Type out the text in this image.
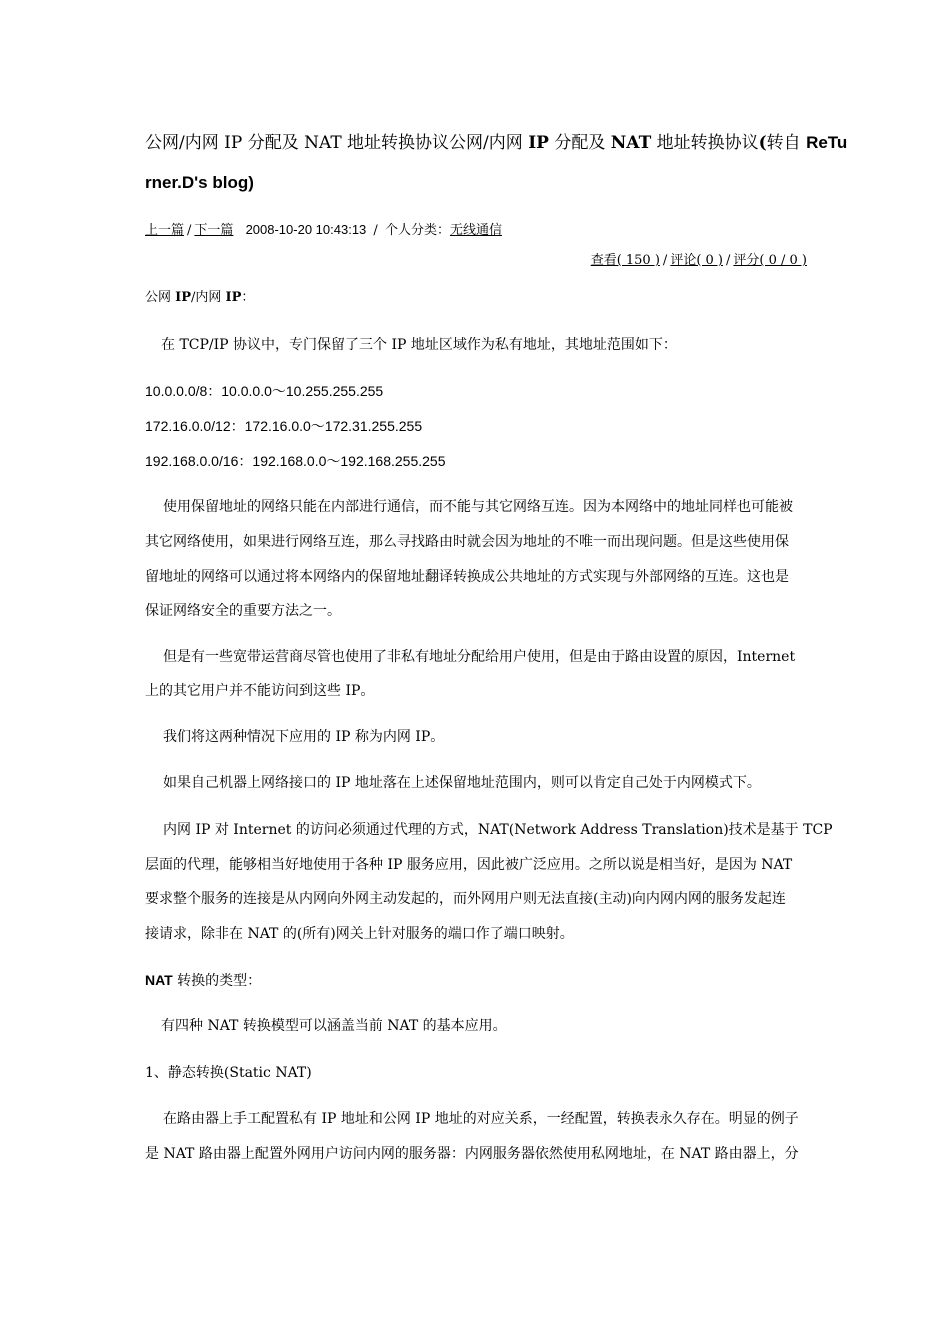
公网/内网 IP 分配及 NAT 地址转换协议公网/内网 IP 分配及 NAT 地址转换协议(转自 ReTu
rner.D's blog)
上一篇 / 下一篇 2008-10-20 10:43:13 / 个人分类：无线通信
查看( 150 ) / 评论( 0 ) / 评分( 0 / 0 )
公网 IP/内网 IP：
在 TCP/IP 协议中，专门保留了三个 IP 地址区域作为私有地址，其地址范围如下：
10.0.0.0/8：10.0.0.0～10.255.255.255
172.16.0.0/12：172.16.0.0～172.31.255.255
192.168.0.0/16：192.168.0.0～192.168.255.255
使用保留地址的网络只能在内部进行通信，而不能与其它网络互连。因为本网络中的地址同样也可能被
其它网络使用，如果进行网络互连，那么寻找路由时就会因为地址的不唯一而出现问题。但是这些使用保
留地址的网络可以通过将本网络内的保留地址翻译转换成公共地址的方式实现与外部网络的互连。这也是
保证网络安全的重要方法之一。
但是有一些宽带运营商尽管也使用了非私有地址分配给用户使用，但是由于路由设置的原因，Internet
上的其它用户并不能访问到这些 IP。
我们将这两种情况下应用的 IP 称为内网 IP。
如果自己机器上网络接口的 IP 地址落在上述保留地址范围内，则可以肯定自己处于内网模式下。
内网 IP 对 Internet 的访问必须通过代理的方式，NAT(Network Address Translation)技术是基于 TCP
层面的代理，能够相当好地使用于各种 IP 服务应用，因此被广泛应用。之所以说是相当好，是因为 NAT
要求整个服务的连接是从内网向外网主动发起的，而外网用户则无法直接(主动)向内网内网的服务发起连
接请求，除非在 NAT 的(所有)网关上针对服务的端口作了端口映射。
NAT 转换的类型：
有四种 NAT 转换模型可以涵盖当前 NAT 的基本应用。
1、静态转换(Static NAT)
在路由器上手工配置私有 IP 地址和公网 IP 地址的对应关系，一经配置，转换表永久存在。明显的例子
是 NAT 路由器上配置外网用户访问内网的服务器：内网服务器依然使用私网地址，在 NAT 路由器上，分
